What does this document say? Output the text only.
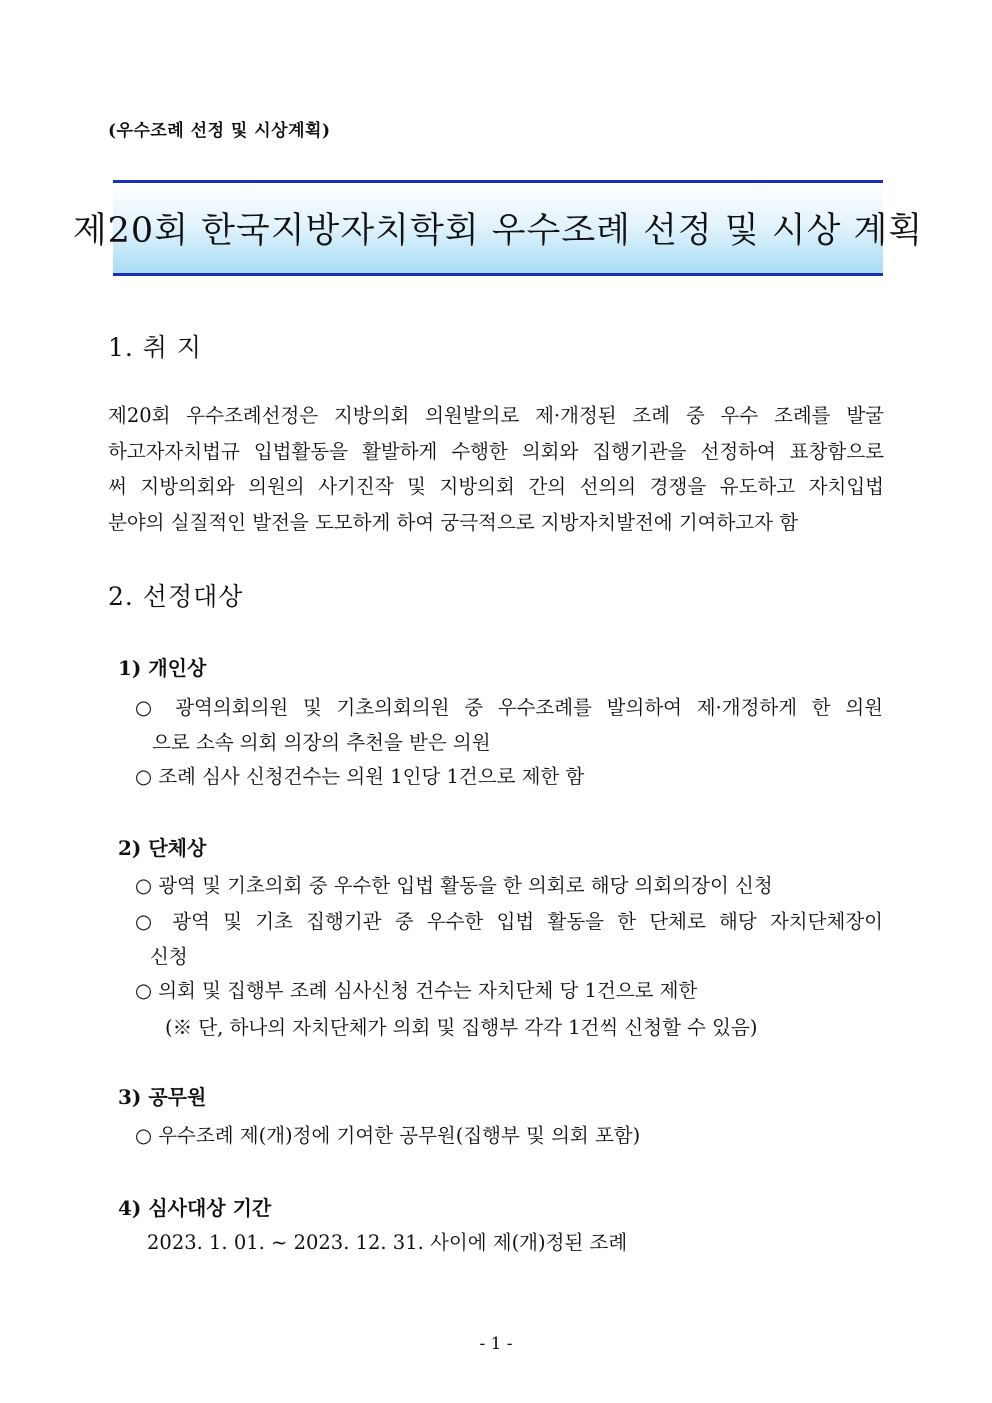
(우수조례 선정 및 시상계획)
제20회 한국지방자치학회 우수조례 선정 및 시상 계획
1. 취 지
제20회 우수조례선정은 지방의회 의원발의로 제·개정된 조례 중 우수 조례를 발굴
하고자자치법규 입법활동을 활발하게 수행한 의회와 집행기관을 선정하여 표창함으로
써 지방의회와 의원의 사기진작 및 지방의회 간의 선의의 경쟁을 유도하고 자치입법
분야의 실질적인 발전을 도모하게 하여 궁극적으로 지방자치발전에 기여하고자 함
2. 선정대상
1) 개인상
○ 광역의회의원 및 기초의회의원 중 우수조례를 발의하여 제·개정하게 한 의원
으로 소속 의회 의장의 추천을 받은 의원
○ 조례 심사 신청건수는 의원 1인당 1건으로 제한 함
2) 단체상
○ 광역 및 기초의회 중 우수한 입법 활동을 한 의회로 해당 의회의장이 신청
○ 광역 및 기초 집행기관 중 우수한 입법 활동을 한 단체로 해당 자치단체장이
신청
○ 의회 및 집행부 조례 심사신청 건수는 자치단체 당 1건으로 제한
(※ 단, 하나의 자치단체가 의회 및 집행부 각각 1건씩 신청할 수 있음)
3) 공무원
○ 우수조례 제(개)정에 기여한 공무원(집행부 및 의회 포함)
4) 심사대상 기간
2023. 1. 01. ~ 2023. 12. 31. 사이에 제(개)정된 조례
- 1 -
